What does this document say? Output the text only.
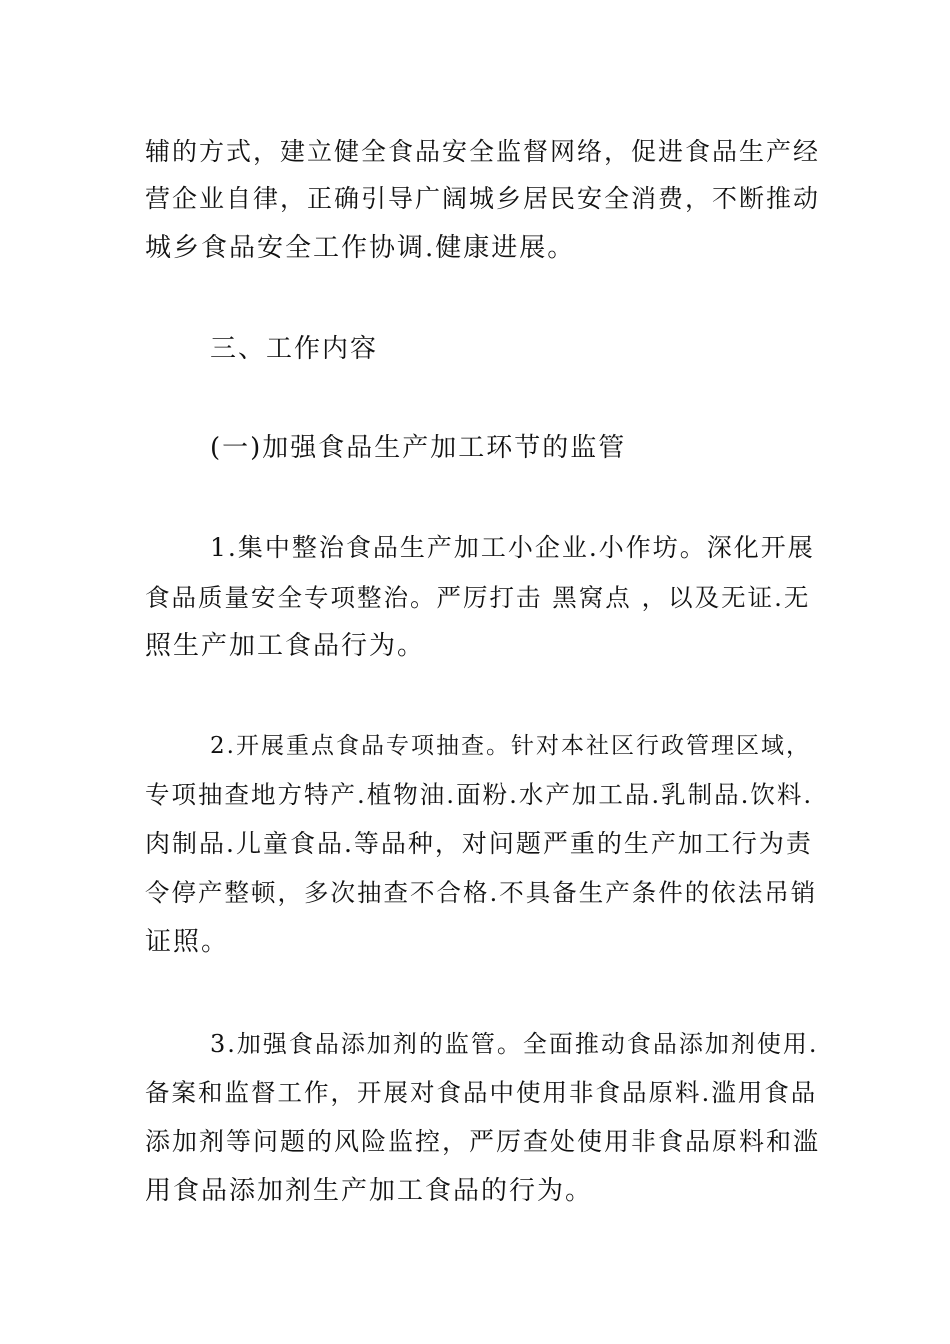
辅的方式，建立健全食品安全监督网络，促进食品生产经
营企业自律，正确引导广阔城乡居民安全消费，不断推动
城乡食品安全工作协调.健康进展。
三、工作内容
(一)加强食品生产加工环节的监管
1.集中整治食品生产加工小企业.小作坊。深化开展
食品质量安全专项整治。严厉打击 黑窝点 ，以及无证.无
照生产加工食品行为。
2.开展重点食品专项抽查。针对本社区行政管理区域，
专项抽查地方特产.植物油.面粉.水产加工品.乳制品.饮料.
肉制品.儿童食品.等品种，对问题严重的生产加工行为责
令停产整顿，多次抽查不合格.不具备生产条件的依法吊销
证照。
3.加强食品添加剂的监管。全面推动食品添加剂使用.
备案和监督工作，开展对食品中使用非食品原料.滥用食品
添加剂等问题的风险监控，严厉查处使用非食品原料和滥
用食品添加剂生产加工食品的行为。
